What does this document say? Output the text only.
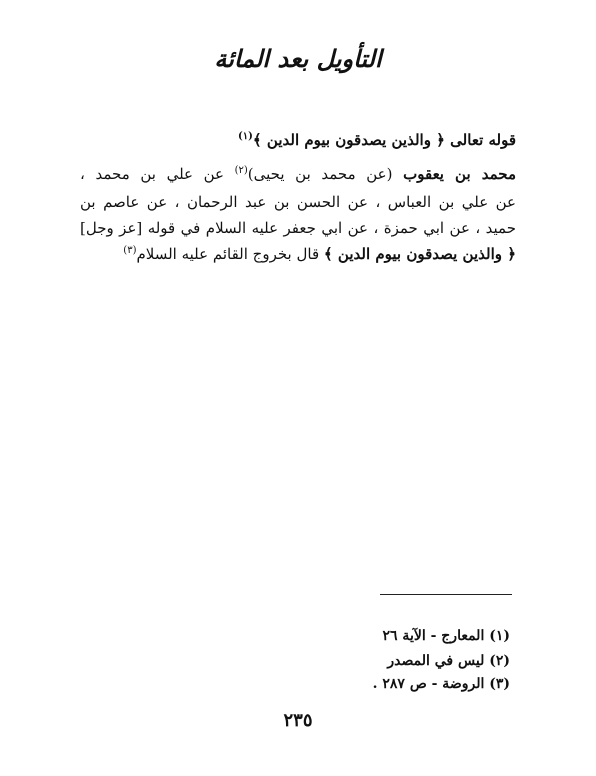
التأويل بعد المائة
قوله تعالى ﴿ والذين يصدقون بيوم الدين ﴾$^{(١)}$
محمد بن يعقوب (عن محمد بن يحيى)$^{(٢)}$ عن علي بن محمد ،
عن علي بن العباس ، عن الحسن بن عبد الرحمان ، عن عاصم بن
حميد ، عن ابي حمزة ، عن ابي جعفر عليه السلام في قوله [عز وجل]
﴿ والذين يصدقون بيوم الدين ﴾ قال بخروج القائم عليه السلام$^{(٣)}$
(١) المعارج - الآية ٢٦
(٢) ليس في المصدر
(٣) الروضة - ص ٢٨٧ .
٢٣٥
